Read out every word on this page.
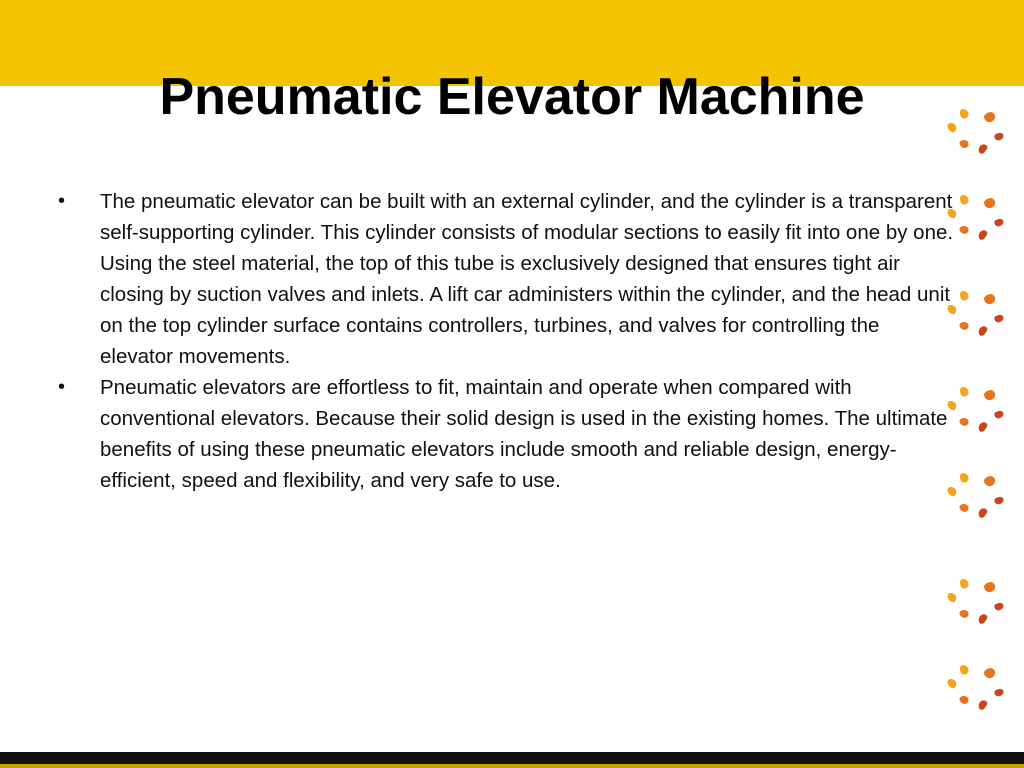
Pneumatic Elevator Machine
• The pneumatic elevator can be built with an external cylinder, and the cylinder is a transparent self-supporting cylinder. This cylinder consists of modular sections to easily fit into one by one. Using the steel material, the top of this tube is exclusively designed that ensures tight air closing by suction valves and inlets. A lift car administers within the cylinder, and the head unit on the top cylinder surface contains controllers, turbines, and valves for controlling the elevator movements.
• Pneumatic elevators are effortless to fit, maintain and operate when compared with conventional elevators. Because their solid design is used in the existing homes. The ultimate benefits of using these pneumatic elevators include smooth and reliable design, energy-efficient, speed and flexibility, and very safe to use.
